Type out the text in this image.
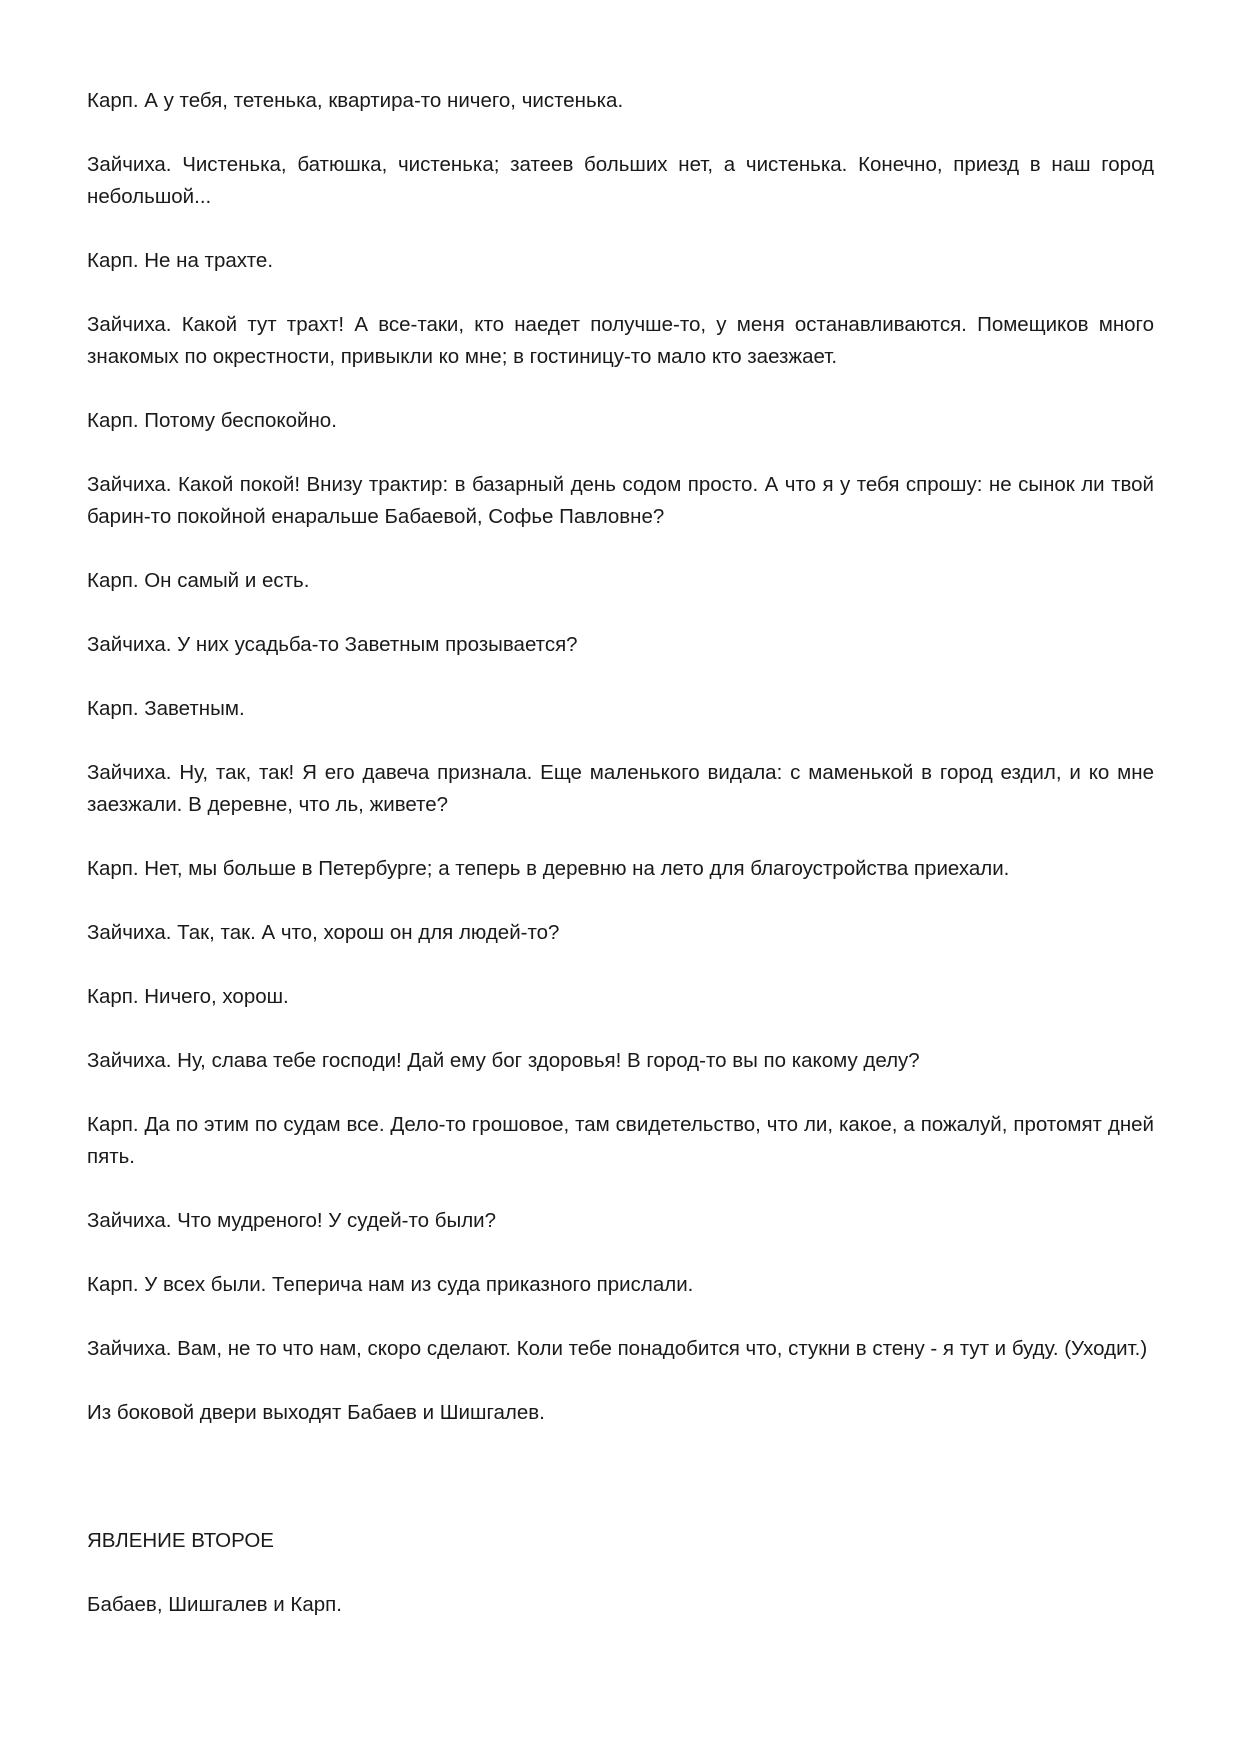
Карп. А у тебя, тетенька, квартира-то ничего, чистенька.

Зайчиха. Чистенька, батюшка, чистенька; затеев больших нет, а чистенька. Конечно, приезд в наш город небольшой...

Карп. Не на трахте.

Зайчиха. Какой тут трахт! А все-таки, кто наедет получше-то, у меня останавливаются. Помещиков много знакомых по окрестности, привыкли ко мне; в гостиницу-то мало кто заезжает.

Карп. Потому беспокойно.

Зайчиха. Какой покой! Внизу трактир: в базарный день содом просто. А что я у тебя спрошу: не сынок ли твой барин-то покойной енаральше Бабаевой, Софье Павловне?

Карп. Он самый и есть.

Зайчиха. У них усадьба-то Заветным прозывается?

Карп. Заветным.

Зайчиха. Ну, так, так! Я его давеча признала. Еще маленького видала: с маменькой в город ездил, и ко мне заезжали. В деревне, что ль, живете?

Карп. Нет, мы больше в Петербурге; а теперь в деревню на лето для благоустройства приехали.

Зайчиха. Так, так. А что, хорош он для людей-то?

Карп. Ничего, хорош.

Зайчиха. Ну, слава тебе господи! Дай ему бог здоровья! В город-то вы по какому делу?

Карп. Да по этим по судам все. Дело-то грошовое, там свидетельство, что ли, какое, а пожалуй, протомят дней пять.

Зайчиха. Что мудреного! У судей-то были?

Карп. У всех были. Теперича нам из суда приказного прислали.

Зайчиха. Вам, не то что нам, скоро сделают. Коли тебе понадобится что, стукни в стену - я тут и буду. (Уходит.)

Из боковой двери выходят Бабаев и Шишгалев.

ЯВЛЕНИЕ ВТОРОЕ

Бабаев, Шишгалев и Карп.
